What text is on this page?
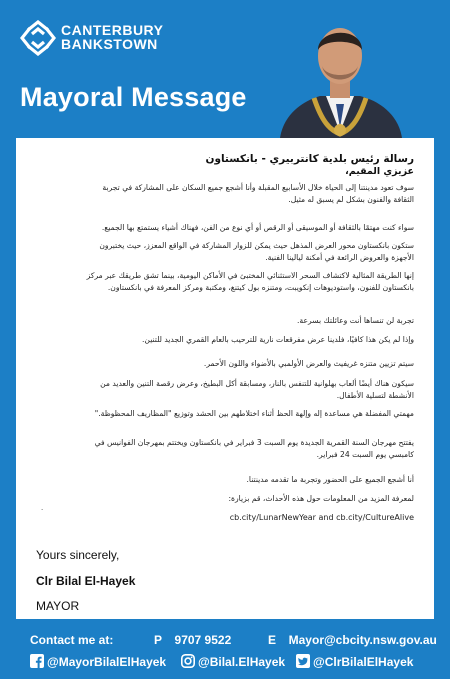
CANTERBURY
BANKSTOWN
Mayoral Message
رسالة رئيس بلدية كانتربيري - بانكستاون
عزيزي المقيم،
سوف تعود مدينتنا إلى الحياة خلال الأسابيع المقبلة وأنا أشجع جميع السكان على المشاركة في تجربة
الثقافة والفنون بشكل لم يسبق له مثيل.
سواء كنت مهتمًا بالثقافة أو الموسيقى أو الرقص أو أي نوع من الفن، فهناك أشياء يستمتع بها الجميع.
ستكون بانكستاون محور العرض المذهل حيث يمكن للزوار المشاركة في الواقع المعزز، حيث يختبرون
الأجهزة والعروض الرائعة في أمكنة ليالينا الفنية.
إنها الطريقة المثالية لاكتشاف السحر الاستثنائي المختبئ في الأماكن اليومية، بينما تشق طريقك عبر مركز
بانكستاون للفنون، واستوديوهات إنكويبت، ومتنزه بول كيتنغ، ومكتبة ومركز المعرفة في بانكستاون.
تجربة لن تنساها أنت وعائلتك بسرعة.
وإذا لم يكن هذا كافيًا، فلدينا عرض مفرقعات نارية للترحيب بالعام القمري الجديد للتنين.
سيتم تزيين متنزه غريفيث والعرض الأولمبي بالأضواء واللون الأحمر.
سيكون هناك أيضًا ألعاب بهلوانية للتنفس بالنار، ومسابقة أكل البطيخ، وعرض رقصة التنين والعديد من
الأنشطة لتسلية الأطفال.
مهمتي المفضلة هي مساعدة إله وإلهة الحظ أثناء اختلاطهم بين الحشد وتوزيع "المظاريف المحظوظة."
يفتتح مهرجان السنة القمرية الجديدة يوم السبت 3 فبراير في بانكستاون ويختتم بمهرجان الفوانيس في
كامبسي يوم السبت 24 فبراير.
أنا أشجع الجميع على الحضور وتجربة ما تقدمه مدينتنا.
لمعرفة المزيد من المعلومات حول هذه الأحداث، قم بزيارة:
.
cb.city/LunarNewYear and cb.city/CultureAlive
Yours sincerely,
Clr Bilal El-Hayek
MAYOR
Contact me at:	P 9707 9522	E Mayor@cbcity.nsw.gov.au
@MayorBilalElHayek	@Bilal.ElHayek @ClrBilalElHayek
